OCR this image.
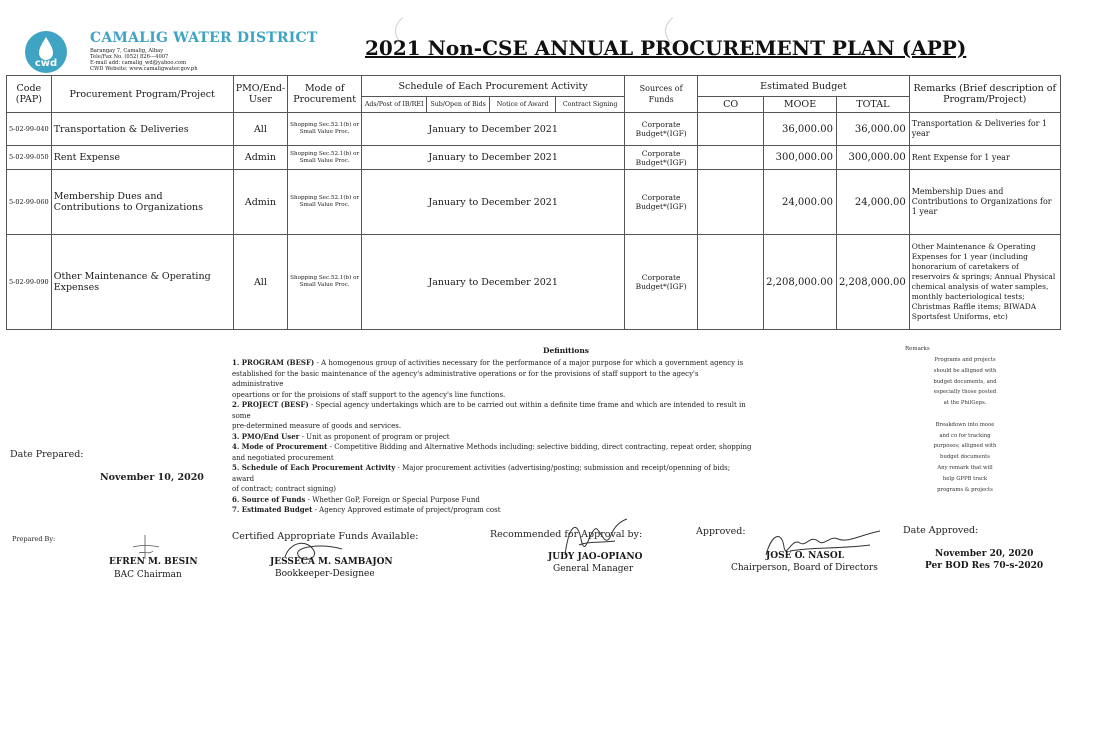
cwd
CAMALIG WATER DISTRICT
Barangay 7, Camalig, Albay
Tele/Fax No. (052) 826---4007
E-mail add: camalig_wd@yahoo.com
CWD Website: www.camaligwater.gov.ph
2021 Non-CSE ANNUAL PROCUREMENT PLAN (APP)
Code (PAP)	Procurement Program/Project	PMO/End-User	Mode of Procurement	Schedule of Each Procurement Activity				Sources of Funds	Estimated Budget			Remarks (Brief description of Program/Project)
				Ads/Post of IB/REI	Sub/Open of Bids	Notice of Award	Contract Signing		CO	MOOE	TOTAL	
5-02-99-040	Transportation & Deliveries	All	Shopping Sec.52.1(b) or Small Value Proc.	January to December 2021				Corporate Budget*(IGF)		36,000.00	36,000.00	Transportation & Deliveries for 1 year
5-02-99-050	Rent Expense	Admin	Shopping Sec.52.1(b) or Small Value Proc.	January to December 2021				Corporate Budget*(IGF)		300,000.00	300,000.00	Rent Expense for 1 year
5-02-99-060	Membership Dues and Contributions to Organizations	Admin	Shopping Sec.52.1(b) or Small Value Proc.	January to December 2021				Corporate Budget*(IGF)		24,000.00	24,000.00	Membership Dues and Contributions to Organizations for 1 year
5-02-99-090	Other Maintenance & Operating Expenses	All	Shopping Sec.52.1(b) or Small Value Proc.	January to December 2021				Corporate Budget*(IGF)		2,208,000.00	2,208,000.00	Other Maintenance & Operating Expenses for 1 year (including honorarium of caretakers of reservoirs & springs; Annual Physical chemical analysis of water samples, monthly bacteriological tests; Christmas Raffle items; BIWADA Sportsfest Uniforms, etc)
Definitions
1. PROGRAM (BESF) - A homogenous group of activities necessary for the performance of a major purpose for which a government agency is
established for the basic maintenance of the agency's administrative operations or for the provisions of staff support to the agecy's administrative
opeartions or for the proisions of staff support to the agency's line functions.
2. PROJECT (BESF) - Special agency undertakings which are to be carried out within a definite time frame and which are intended to result in some
pre-determined measure of goods and services.
3. PMO/End User - Unit as proponent of program or project
4. Mode of Procurement - Competitive Bidding and Alternative Methods including: selective bidding, direct contracting, repeat order, shopping
and negotiated procurement
5. Schedule of Each Procurement Activity - Major procurement activities (advertising/posting; submission and receipt/openning of bids; award
of contract; contract signing)
6. Source of Funds - Whether GoP, Foreign or Special Purpose Fund
7. Estimated Budget - Agency Approved estimate of project/program cost
Remarks
Programs and projects
should be alligned with
budget documents, and
especially those posted
at the PhilGeps.
Breakdown into mooe
and co for tracking
purposes; alligned with
budget documents
Any remark that will
help GPPB track
programs & projects
Date Prepared:
November 10, 2020
Prepared By:
EFREN M. BESIN
BAC Chairman
Certified Appropriate Funds Available:
JESSECA M. SAMBAJON
Bookkeeper-Designee
Recommended for Approval by:
JUDY JAO-OPIANO
General Manager
Approved:
JOSE O. NASOL
Chairperson, Board of Directors
Date Approved:
November 20, 2020
Per BOD Res 70-s-2020
